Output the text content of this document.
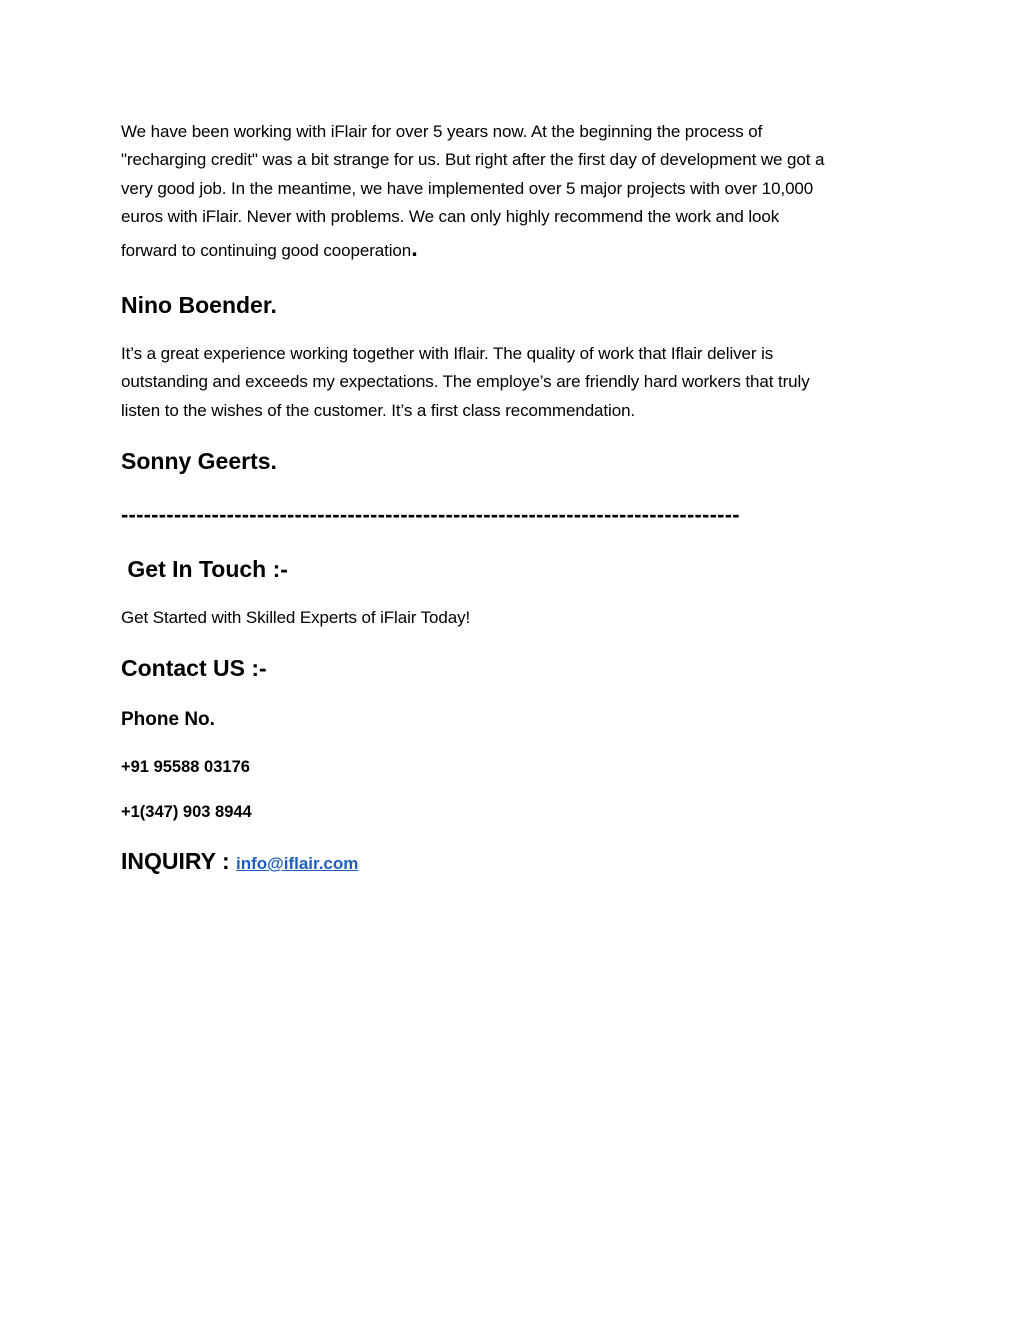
We have been working with iFlair for over 5 years now. At the beginning the process of
"recharging credit" was a bit strange for us. But right after the first day of development we got a
very good job. In the meantime, we have implemented over 5 major projects with over 10,000
euros with iFlair. Never with problems. We can only highly recommend the work and look
forward to continuing good cooperation.

Nino Boender.

It’s a great experience working together with Iflair. The quality of work that Iflair deliver is
outstanding and exceeds my expectations. The employe’s are friendly hard workers that truly
listen to the wishes of the customer. It’s a first class recommendation.

Sonny Geerts.
----------------------------------------------------------------------------------
Get In Touch :-

Get Started with Skilled Experts of iFlair Today!

Contact US :-
Phone No.
+91 95588 03176
+1(347) 903 8944
INQUIRY : info@iflair.com
